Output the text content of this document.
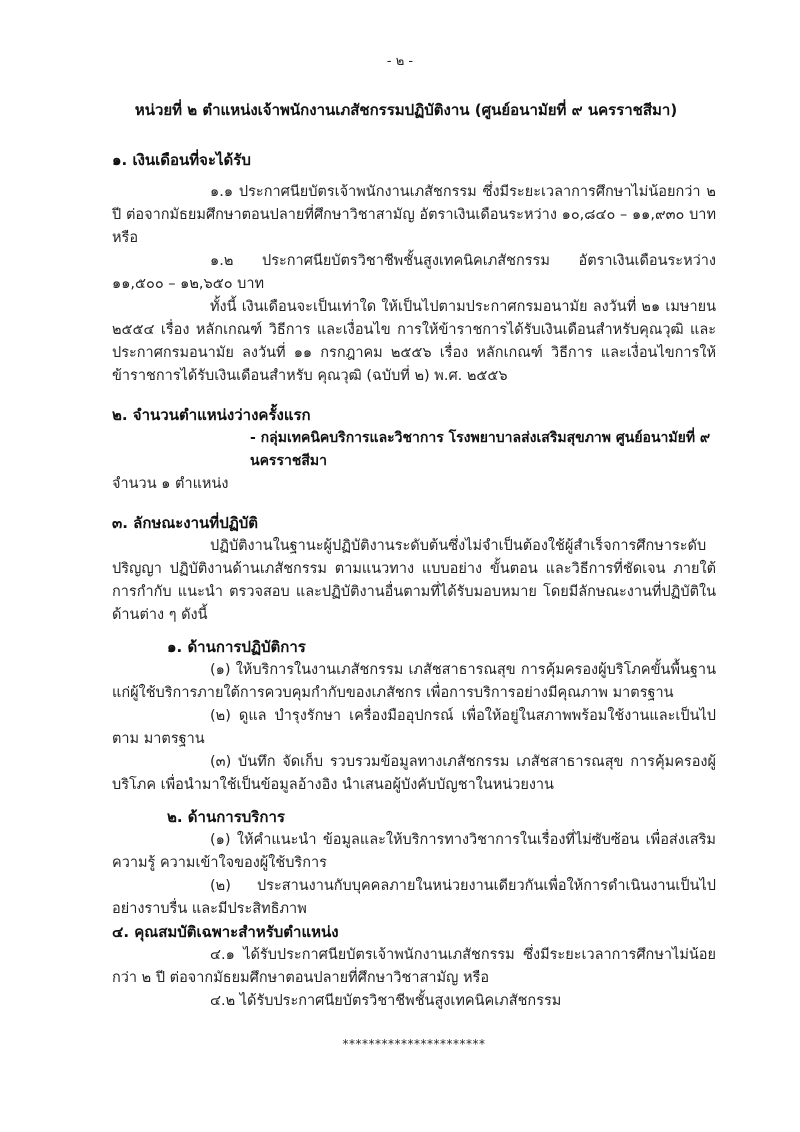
- ๒ -

หน่วยที่ ๒ ตำแหน่งเจ้าพนักงานเภสัชกรรมปฏิบัติงาน (ศูนย์อนามัยที่ ๙ นครราชสีมา)

๑. เงินเดือนที่จะได้รับ

๑.๑ ประกาศนียบัตรเจ้าพนักงานเภสัชกรรม ซึ่งมีระยะเวลาการศึกษาไม่น้อยกว่า ๒ ปี ต่อจากมัธยมศึกษาตอนปลายที่ศึกษาวิชาสามัญ อัตราเงินเดือนระหว่าง ๑๐,๘๔๐ – ๑๑,๙๓๐ บาท หรือ

๑.๒ ประกาศนียบัตรวิชาชีพชั้นสูงเทคนิคเภสัชกรรม อัตราเงินเดือนระหว่าง ๑๑,๕๐๐ – ๑๒,๖๕๐ บาท

ทั้งนี้ เงินเดือนจะเป็นเท่าใด ให้เป็นไปตามประกาศกรมอนามัย ลงวันที่ ๒๑ เมษายน ๒๕๕๔ เรื่อง หลักเกณฑ์ วิธีการ และเงื่อนไข การให้ข้าราชการได้รับเงินเดือนสำหรับคุณวุฒิ และประกาศกรมอนามัย ลงวันที่ ๑๑ กรกฎาคม ๒๕๕๖ เรื่อง หลักเกณฑ์ วิธีการ และเงื่อนไขการให้ข้าราชการได้รับเงินเดือนสำหรับ คุณวุฒิ (ฉบับที่ ๒) พ.ศ. ๒๕๕๖

๒. จำนวนตำแหน่งว่างครั้งแรก

- กลุ่มเทคนิคบริการและวิชาการ โรงพยาบาลส่งเสริมสุขภาพ ศูนย์อนามัยที่ ๙ นครราชสีมา

จำนวน ๑ ตำแหน่ง

๓. ลักษณะงานที่ปฏิบัติ

ปฏิบัติงานในฐานะผู้ปฏิบัติงานระดับต้นซึ่งไม่จำเป็นต้องใช้ผู้สำเร็จการศึกษาระดับปริญญา ปฏิบัติงานด้านเภสัชกรรม ตามแนวทาง แบบอย่าง ขั้นตอน และวิธีการที่ชัดเจน ภายใต้การกำกับ แนะนำ ตรวจสอบ และปฏิบัติงานอื่นตามที่ได้รับมอบหมาย โดยมีลักษณะงานที่ปฏิบัติในด้านต่าง ๆ ดังนี้

๑. ด้านการปฏิบัติการ

(๑) ให้บริการในงานเภสัชกรรม เภสัชสาธารณสุข การคุ้มครองผู้บริโภคขั้นพื้นฐาน แก่ผู้ใช้บริการภายใต้การควบคุมกำกับของเภสัชกร เพื่อการบริการอย่างมีคุณภาพ มาตรฐาน

(๒) ดูแล บำรุงรักษา เครื่องมืออุปกรณ์ เพื่อให้อยู่ในสภาพพร้อมใช้งานและเป็นไปตาม มาตรฐาน

(๓) บันทึก จัดเก็บ รวบรวมข้อมูลทางเภสัชกรรม เภสัชสาธารณสุข การคุ้มครองผู้บริโภค เพื่อนำมาใช้เป็นข้อมูลอ้างอิง นำเสนอผู้บังคับบัญชาในหน่วยงาน

๒. ด้านการบริการ

(๑) ให้คำแนะนำ ข้อมูลและให้บริการทางวิชาการในเรื่องที่ไม่ซับซ้อน เพื่อส่งเสริมความรู้ ความเข้าใจของผู้ใช้บริการ

(๒) ประสานงานกับบุคคลภายในหน่วยงานเดียวกันเพื่อให้การดำเนินงานเป็นไปอย่างราบรื่น และมีประสิทธิภาพ

๔. คุณสมบัติเฉพาะสำหรับตำแหน่ง

๔.๑ ได้รับประกาศนียบัตรเจ้าพนักงานเภสัชกรรม ซึ่งมีระยะเวลาการศึกษาไม่น้อยกว่า ๒ ปี ต่อจากมัธยมศึกษาตอนปลายที่ศึกษาวิชาสามัญ หรือ

๔.๒ ได้รับประกาศนียบัตรวิชาชีพชั้นสูงเทคนิคเภสัชกรรม

**********************
